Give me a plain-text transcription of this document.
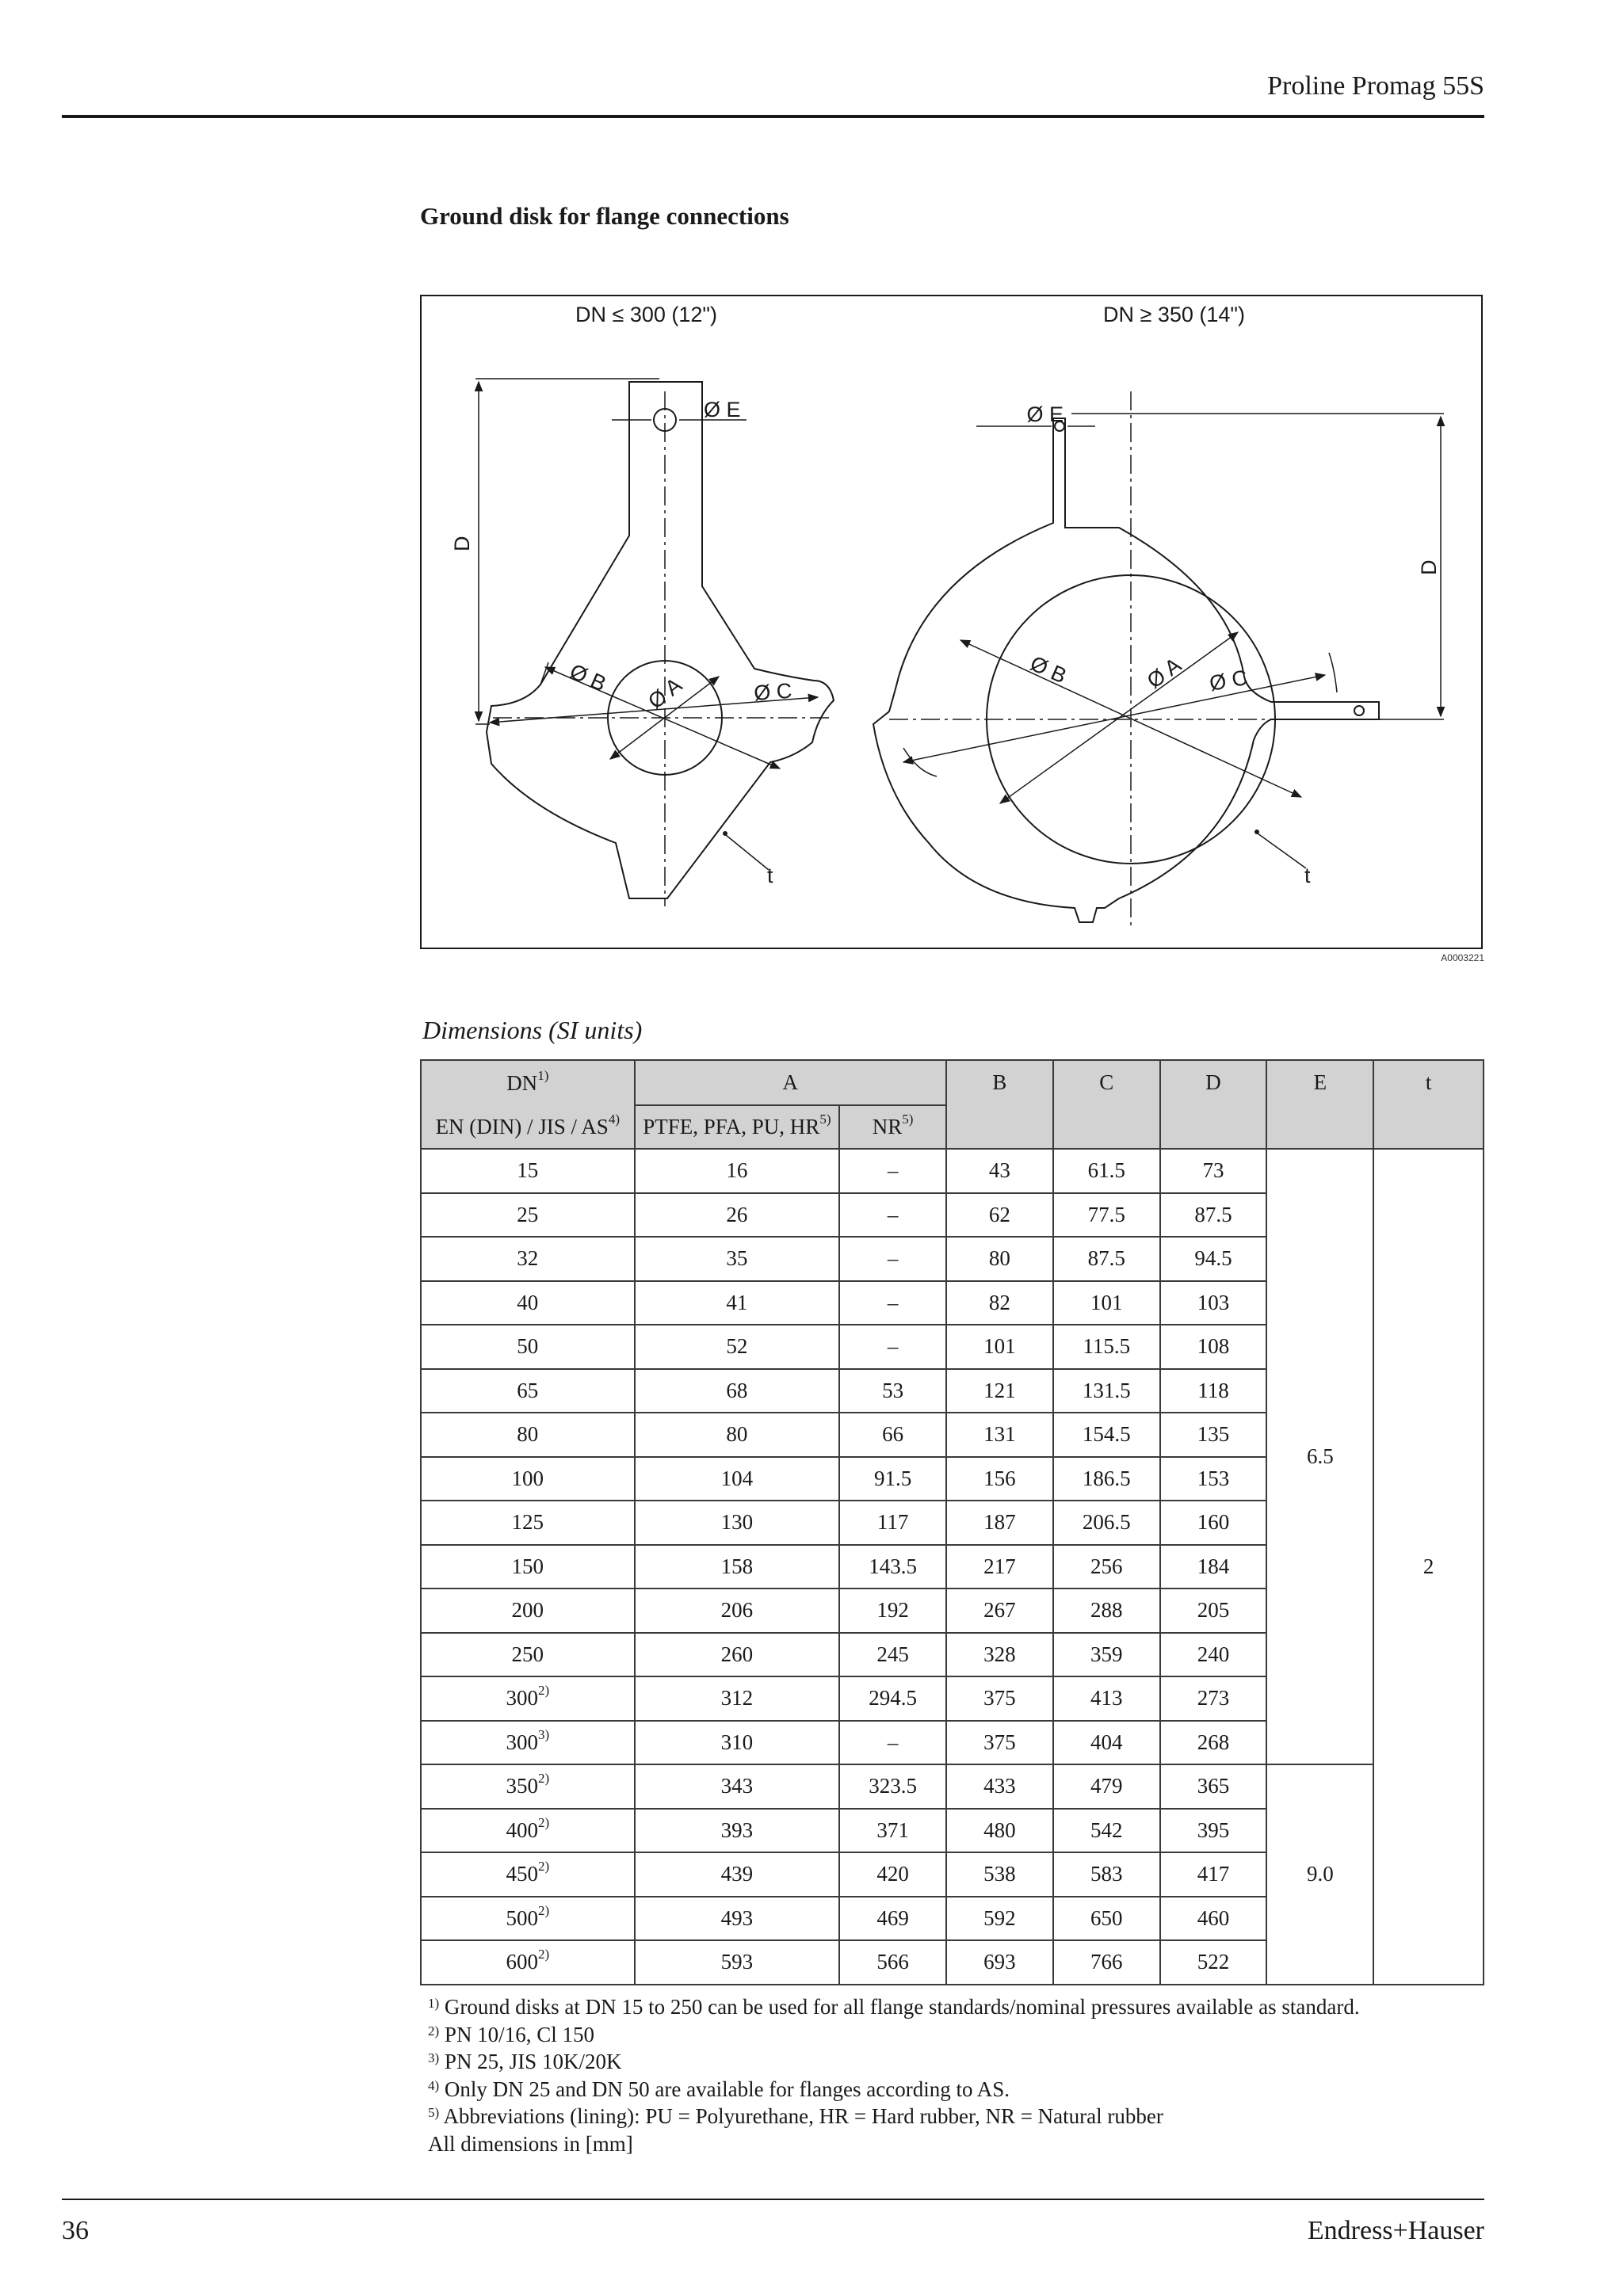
Proline Promag 55S
Ground disk for flange connections
DN ≤ 300 (12")	DN ≥ 350 (14")
Ø E	Ø E
D
D
Ø B Ø A	Ø C
t
Ø B	Ø A Ø C
t
A0003221
Dimensions (SI units)
DN$^{1)}$	A		B	C	D	E	t
EN (DIN) / JIS / AS$^{4)}$	PTFE, PFA, PU, HR$^{5)}$	NR$^{5)}$
15	16	–	43	61.5	73	6.5	2
25	26	–	62	77.5	87.5		
32	35	–	80	87.5	94.5		
40	41	–	82	101	103		
50	52	–	101	115.5	108		
65	68	53	121	131.5	118		
80	80	66	131	154.5	135		
100	104	91.5	156	186.5	153		
125	130	117	187	206.5	160		
150	158	143.5	217	256	184		
200	206	192	267	288	205		
250	260	245	328	359	240		
300$^{2)}$	312	294.5	375	413	273		
300$^{3)}$	310	–	375	404	268		
350$^{2)}$	343	323.5	433	479	365	9.0	
400$^{2)}$	393	371	480	542	395		
450$^{2)}$	439	420	538	583	417		
500$^{2)}$	493	469	592	650	460		
600$^{2)}$	593	566	693	766	522		
$^{1)}$ Ground disks at DN 15 to 250 can be used for all flange standards/nominal pressures available as standard.
$^{2)}$ PN 10/16, Cl 150
$^{3)}$ PN 25, JIS 10K/20K
$^{4)}$ Only DN 25 and DN 50 are available for flanges according to AS.
$^{5)}$ Abbreviations (lining): PU = Polyurethane, HR = Hard rubber, NR = Natural rubber
All dimensions in [mm]
36	Endress+Hauser
